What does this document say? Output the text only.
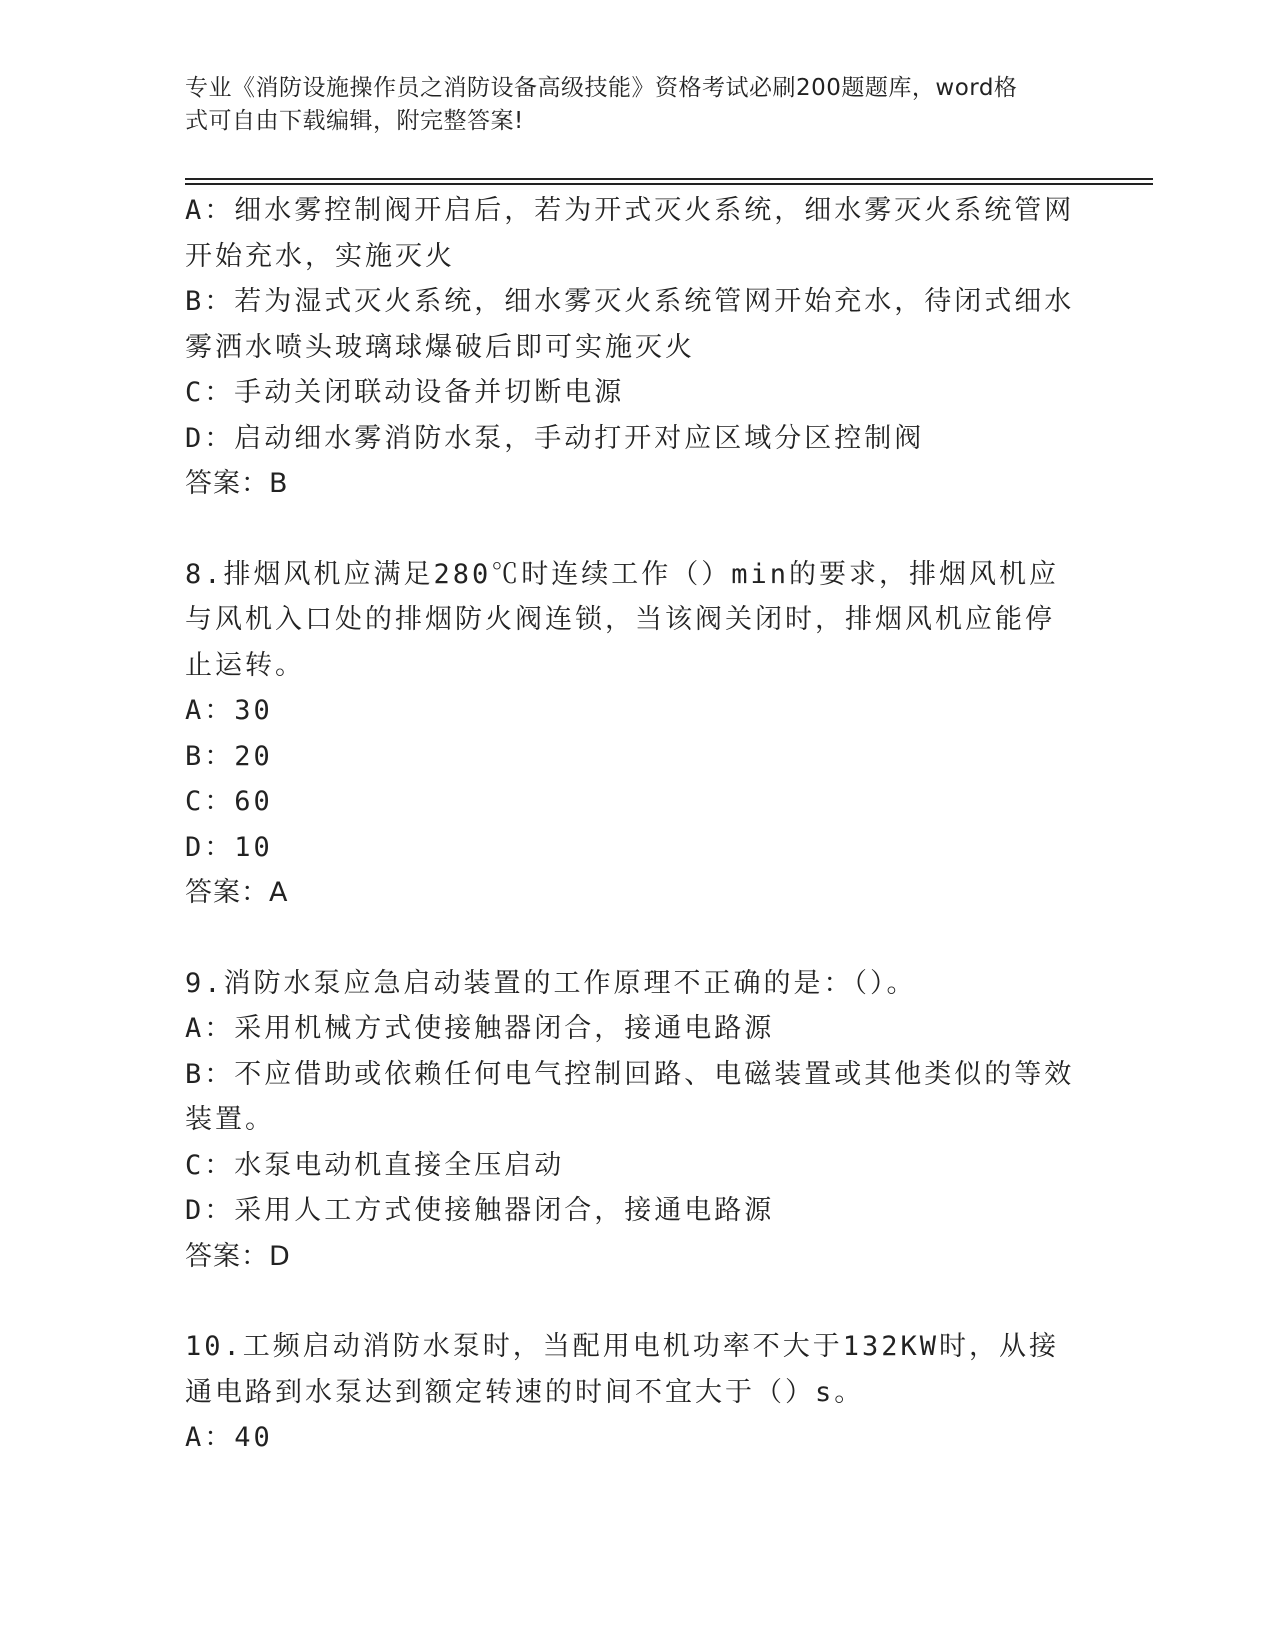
专业《消防设施操作员之消防设备高级技能》资格考试必刷200题题库，word格
式可自由下载编辑，附完整答案!
A：细水雾控制阀开启后，若为开式灭火系统，细水雾灭火系统管网开始充水，实施灭火
B：若为湿式灭火系统，细水雾灭火系统管网开始充水，待闭式细水雾洒水喷头玻璃球爆破后即可实施灭火
C：手动关闭联动设备并切断电源
D：启动细水雾消防水泵，手动打开对应区域分区控制阀
答案：B
8.排烟风机应满足280℃时连续工作（）min的要求，排烟风机应与风机入口处的排烟防火阀连锁，当该阀关闭时，排烟风机应能停止运转。
A：30
B：20
C：60
D：10
答案：A
9.消防水泵应急启动装置的工作原理不正确的是：（）。
A：采用机械方式使接触器闭合，接通电路源
B：不应借助或依赖任何电气控制回路、电磁装置或其他类似的等效装置。
C：水泵电动机直接全压启动
D：采用人工方式使接触器闭合，接通电路源
答案：D
10.工频启动消防水泵时，当配用电机功率不大于132KW时，从接通电路到水泵达到额定转速的时间不宜大于（）s。
A：40
